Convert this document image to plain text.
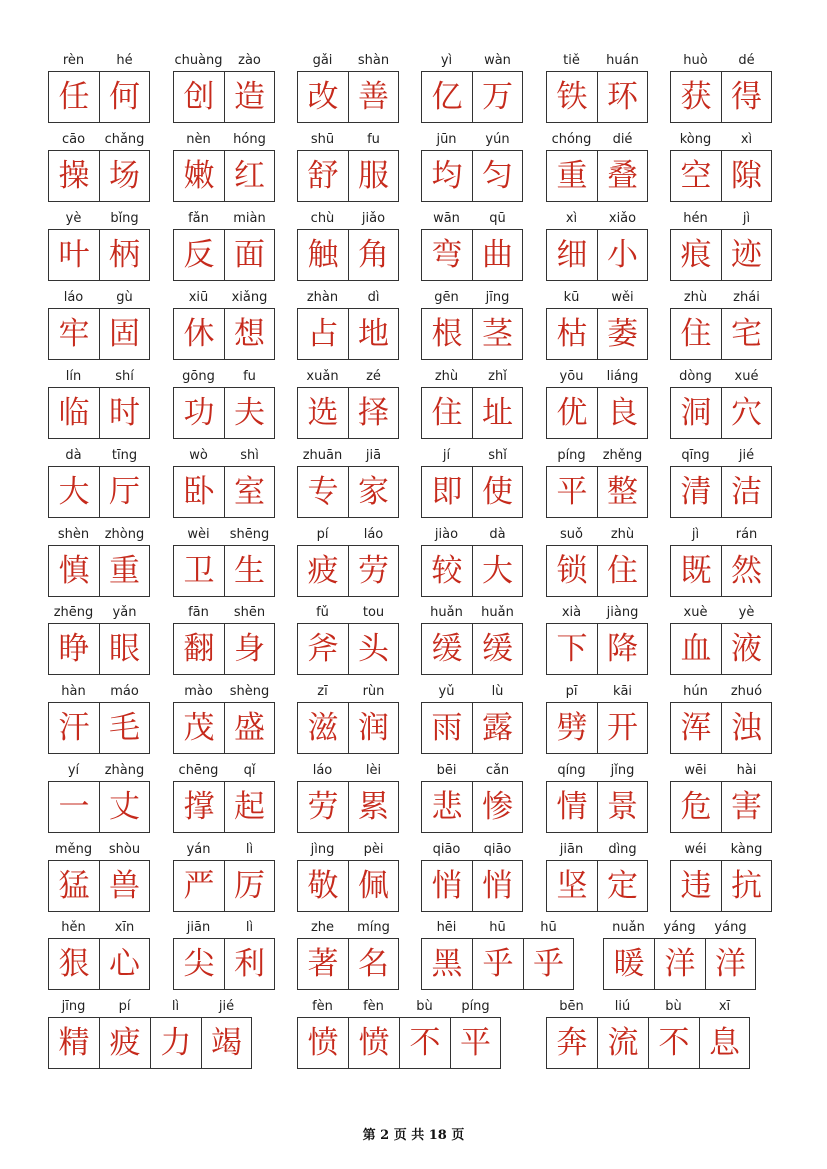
rèn	hé
任 何
chuàng	zào
创 造
gǎi	shàn
改 善
yì	wàn
亿 万
tiě	huán
铁 环
huò	dé
获 得
cāo	chǎng
操 场
nèn	hóng
嫩 红
shū	fu
舒 服
jūn	yún
均 匀
chóng	dié
重 叠
kòng	xì
空 隙
yè	bǐng
叶 柄
fǎn	miàn
反 面
chù	jiǎo
触 角
wān	qū
弯 曲
xì	xiǎo
细 小
hén	jì
痕 迹
láo	gù
牢 固
xiū	xiǎng
休 想
zhàn	dì
占 地
gēn	jīng
根 茎
kū	wěi
枯 萎
zhù	zhái
住 宅
lín	shí
临 时
gōng	fu
功 夫
xuǎn	zé
选 择
zhù	zhǐ
住 址
yōu	liáng
优 良
dòng	xué
洞 穴
dà	tīng
大 厅
wò	shì
卧 室
zhuān	jiā
专 家
jí	shǐ
即 使
píng	zhěng
平 整
qīng	jié
清 洁
shèn	zhòng
慎 重
wèi	shēng
卫 生
pí	láo
疲 劳
jiào	dà
较 大
suǒ	zhù
锁 住
jì	rán
既 然
zhēng	yǎn
睁 眼
fān	shēn
翻 身
fǔ	tou
斧 头
huǎn	huǎn
缓 缓
xià	jiàng
下 降
xuè	yè
血 液
hàn	máo
汗 毛
mào	shèng
茂 盛
zī	rùn
滋 润
yǔ	lù
雨 露
pī	kāi
劈 开
hún	zhuó
浑 浊
yí	zhàng
一 丈
chēng	qǐ
撑 起
láo	lèi
劳 累
bēi	cǎn
悲 惨
qíng	jǐng
情 景
wēi	hài
危 害
měng	shòu
猛 兽
yán	lì
严 厉
jìng	pèi
敬 佩
qiāo	qiāo
悄 悄
jiān	dìng
坚 定
wéi	kàng
违 抗
hěn	xīn
狠 心
jiān	lì
尖 利
zhe	míng
著 名
hēi	hū	hū
黑 乎 乎
nuǎn	yáng	yáng
暖 洋 洋
jīng	pí	lì	jié
精 疲 力 竭
fèn	fèn	bù	píng
愤 愤 不 平
bēn	liú	bù	xī
奔 流 不 息
第 2 页 共 18 页
